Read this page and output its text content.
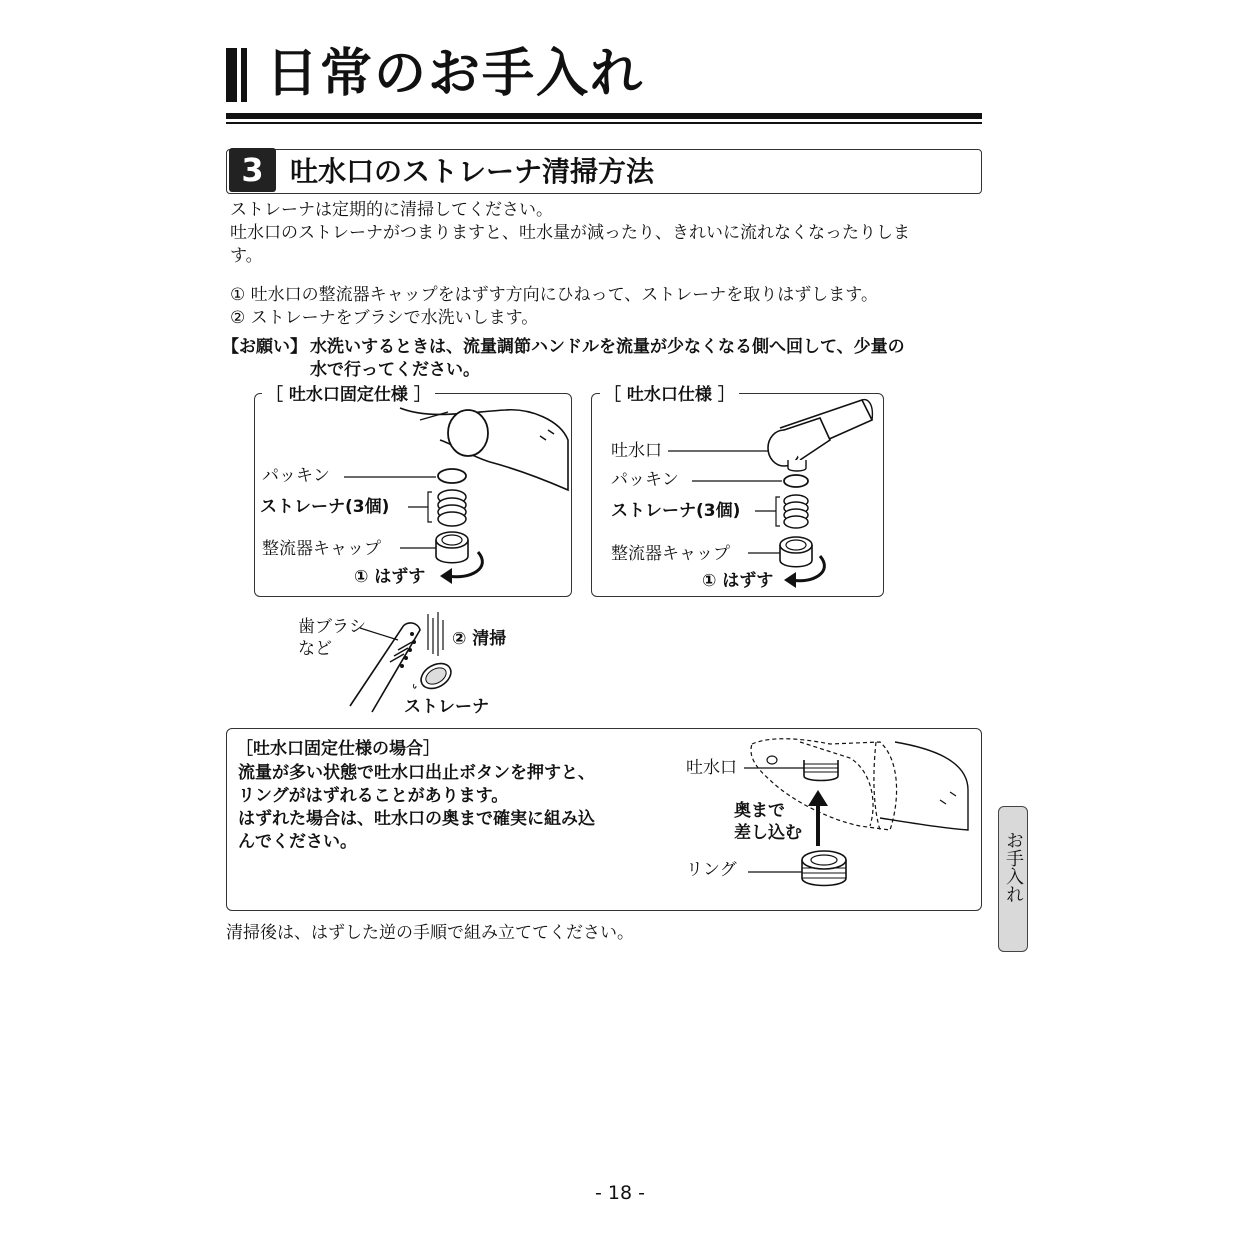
日常のお手入れ
3 吐水口のストレーナ清掃方法
ストレーナは定期的に清掃してください。
吐水口のストレーナがつまりますと、吐水量が減ったり、きれいに流れなくなったりしま
す。
① 吐水口の整流器キャップをはずす方向にひねって、ストレーナを取りはずします。
② ストレーナをブラシで水洗いします。
【お願い】 水洗いするときは、流量調節ハンドルを流量が少なくなる側へ回して、少量の
水で行ってください。
［ 吐水口固定仕様 ］
パッキン
ストレーナ(3個)
整流器キャップ
① はずす
［ 吐水口仕様 ］
吐水口
パッキン
ストレーナ(3個)
整流器キャップ
① はずす
歯ブラシ
など	② 清掃
ストレーナ
［吐水口固定仕様の場合］
流量が多い状態で吐水口出止ボタンを押すと、
リングがはずれることがあります。
はずれた場合は、吐水口の奥まで確実に組み込
んでください。
吐水口
奥まで
差し込む
リング
清掃後は、はずした逆の手順で組み立ててください。
お手入れ
- 18 -
